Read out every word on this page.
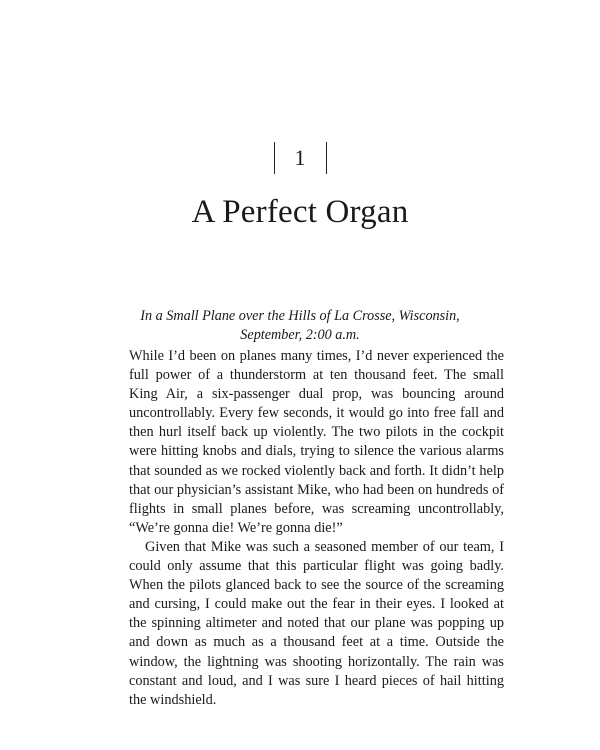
1
A Perfect Organ
In a Small Plane over the Hills of La Crosse, Wisconsin,
September, 2:00 a.m.

While I’d been on planes many times, I’d never experienced the full power of a thunderstorm at ten thousand feet. The small King Air, a six-passenger dual prop, was bouncing around uncontrollably. Every few seconds, it would go into free fall and then hurl itself back up violently. The two pilots in the cockpit were hitting knobs and dials, trying to silence the various alarms that sounded as we rocked violently back and forth. It didn’t help that our physician’s assistant Mike, who had been on hundreds of flights in small planes before, was screaming uncontrollably, “We’re gonna die! We’re gonna die!”

Given that Mike was such a seasoned member of our team, I could only assume that this particular flight was going badly. When the pilots glanced back to see the source of the screaming and cursing, I could make out the fear in their eyes. I looked at the spinning altimeter and noted that our plane was popping up and down as much as a thousand feet at a time. Outside the window, the lightning was shooting horizontally. The rain was constant and loud, and I was sure I heard pieces of hail hitting the windshield.
